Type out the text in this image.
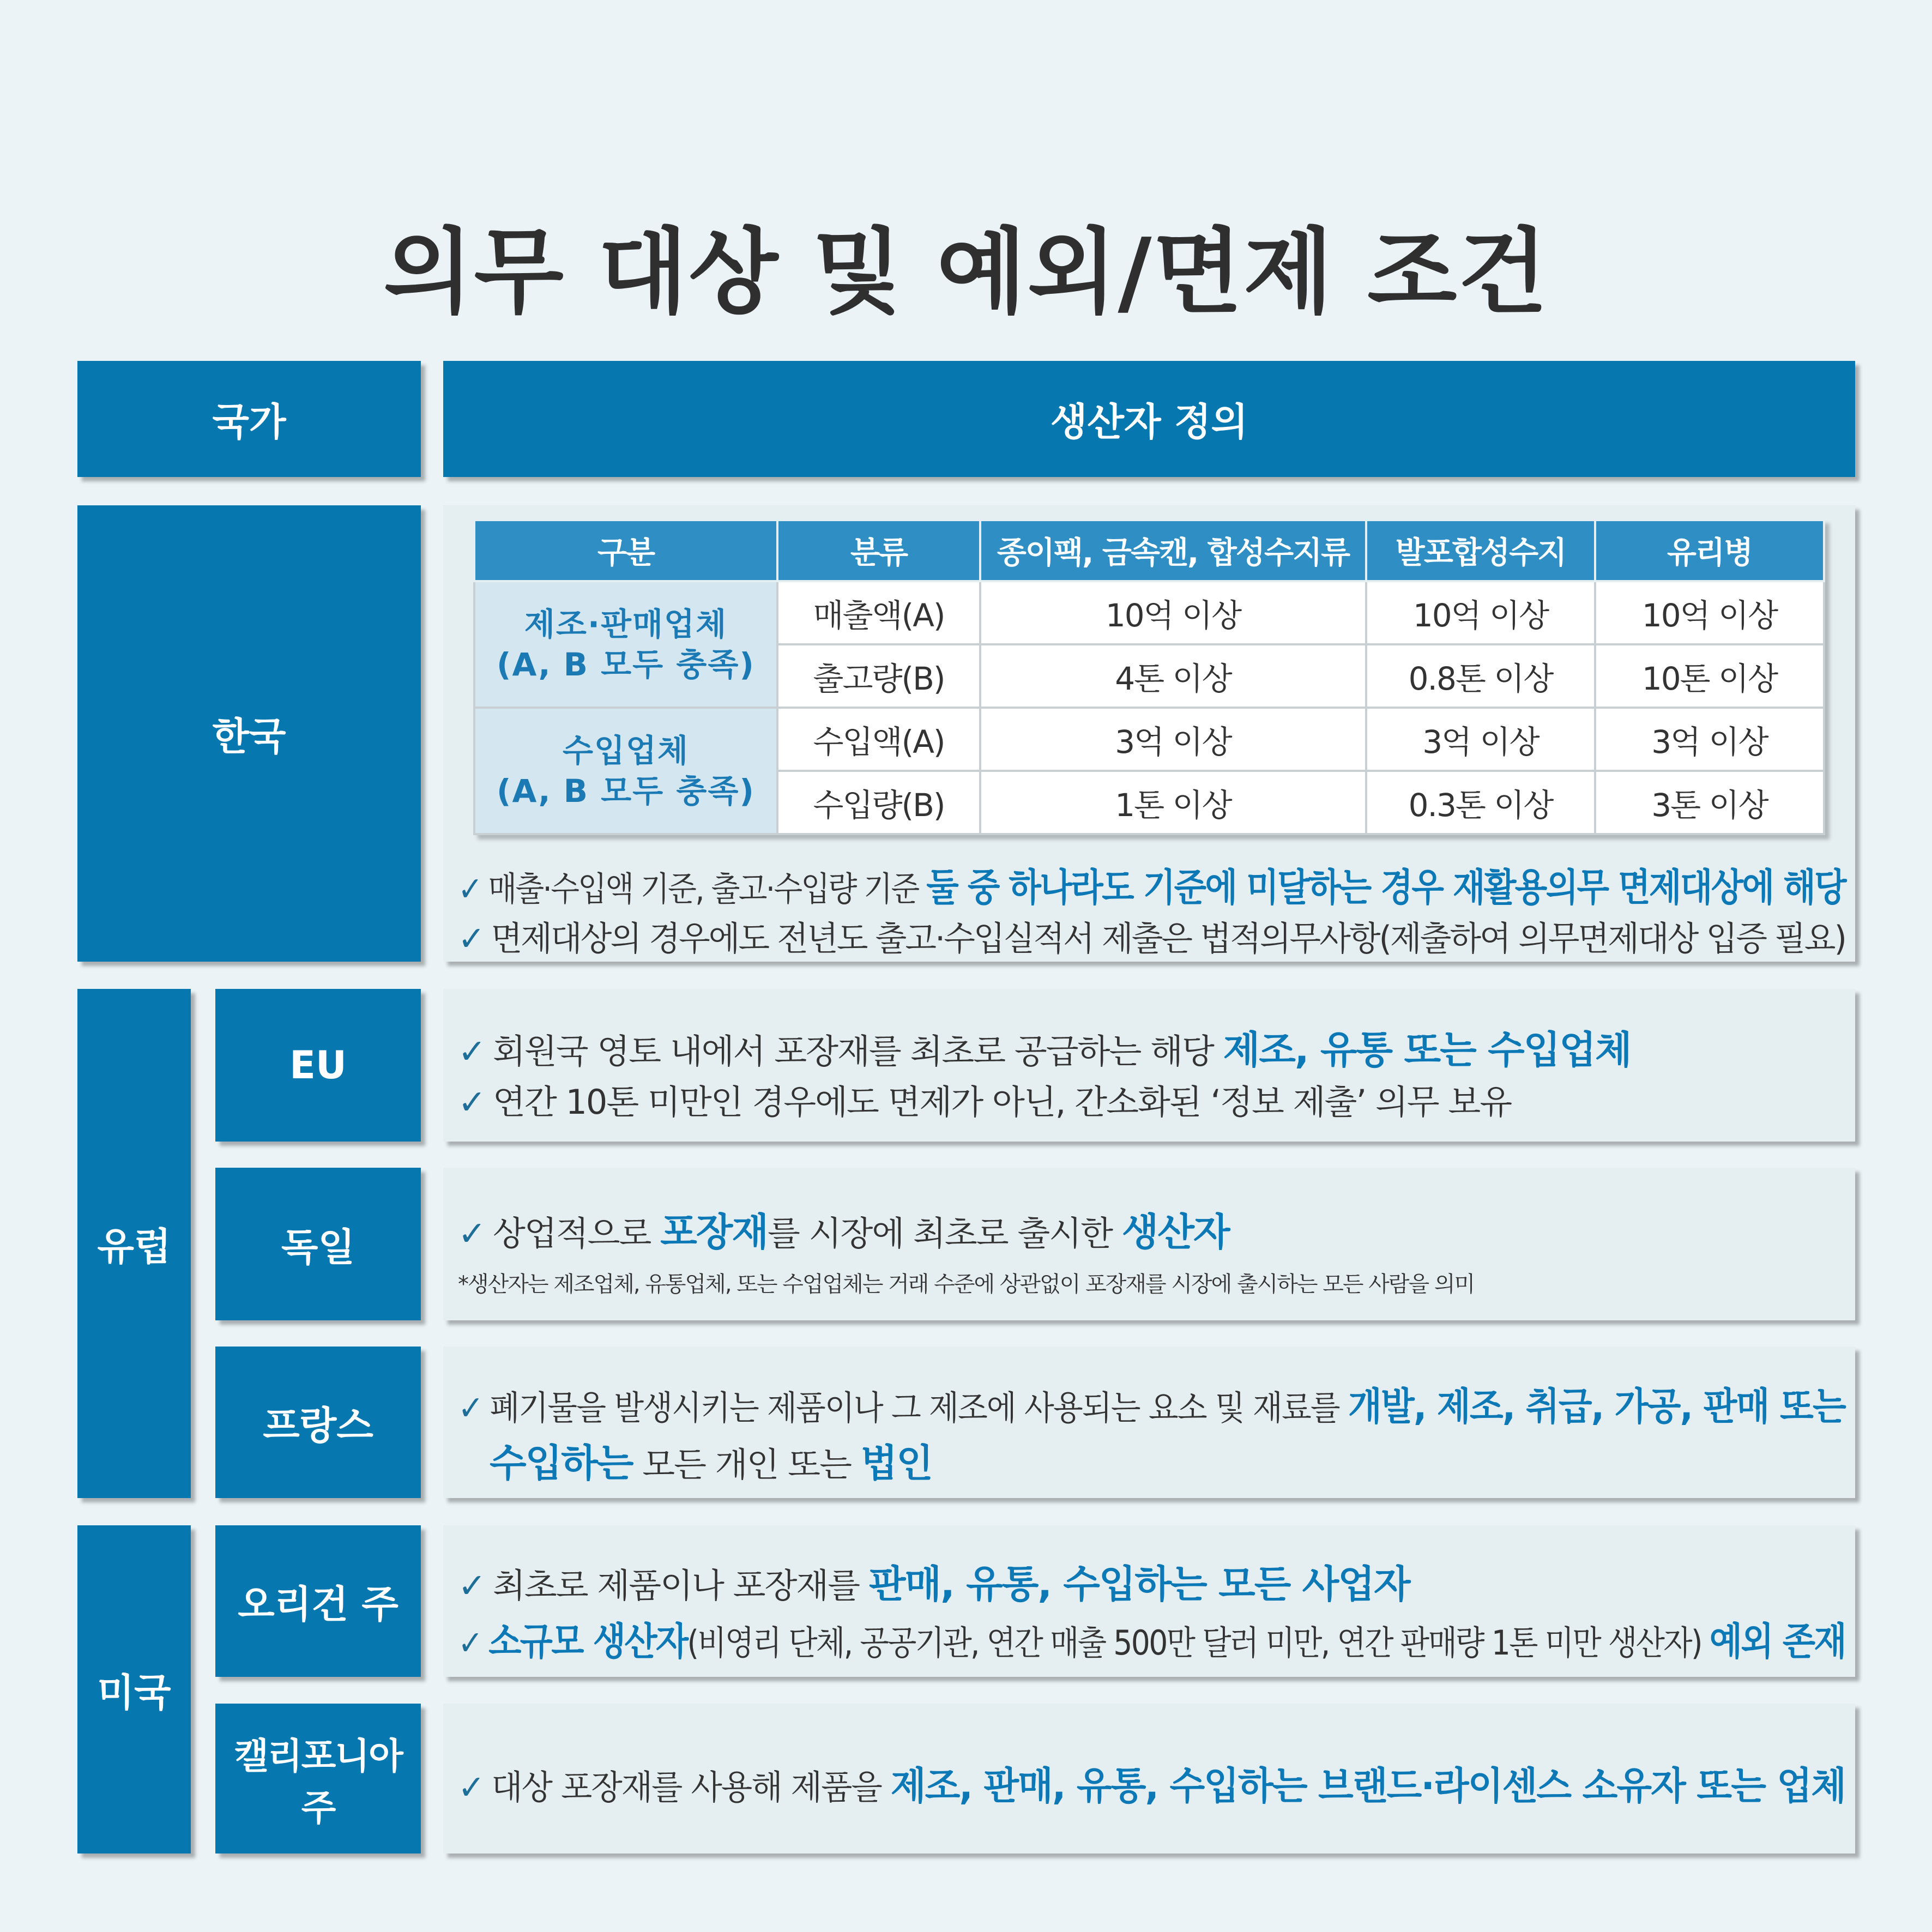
의무 대상 및 예외/면제 조건
국가	생산자 정의
한국
구분	분류	종이팩, 금속캔, 합성수지류	발포합성수지	유리병

제조·판매업체
(A, B 모두 충족)	매출액(A)	10억 이상	10억 이상	10억 이상
	출고량(B)	4톤 이상	0.8톤 이상	10톤 이상

수입업체
(A, B 모두 충족)	수입액(A)	3억 이상	3억 이상	3억 이상
	수입량(B)	1톤 이상	0.3톤 이상	3톤 이상
✓ 매출·수입액 기준, 출고·수입량 기준 둘 중 하나라도 기준에 미달하는 경우 재활용의무 면제대상에 해당
✓ 면제대상의 경우에도 전년도 출고·수입실적서 제출은 법적의무사항(제출하여 의무면제대상 입증 필요)
유럽
EU	✓ 회원국 영토 내에서 포장재를 최초로 공급하는 해당 제조, 유통 또는 수입업체
✓ 연간 10톤 미만인 경우에도 면제가 아닌, 간소화된 ‘정보 제출’ 의무 보유
독일	✓ 상업적으로 포장재를 시장에 최초로 출시한 생산자
*생산자는 제조업체, 유통업체, 또는 수업업체는 거래 수준에 상관없이 포장재를 시장에 출시하는 모든 사람을 의미
프랑스	✓ 폐기물을 발생시키는 제품이나 그 제조에 사용되는 요소 및 재료를 개발, 제조, 취급, 가공, 판매 또는
수입하는 모든 개인 또는 법인
미국
오리건 주	✓ 최초로 제품이나 포장재를 판매, 유통, 수입하는 모든 사업자
✓ 소규모 생산자(비영리 단체, 공공기관, 연간 매출 500만 달러 미만, 연간 판매량 1톤 미만 생산자) 예외 존재
캘리포니아 주	✓ 대상 포장재를 사용해 제품을 제조, 판매, 유통, 수입하는 브랜드·라이센스 소유자 또는 업체
